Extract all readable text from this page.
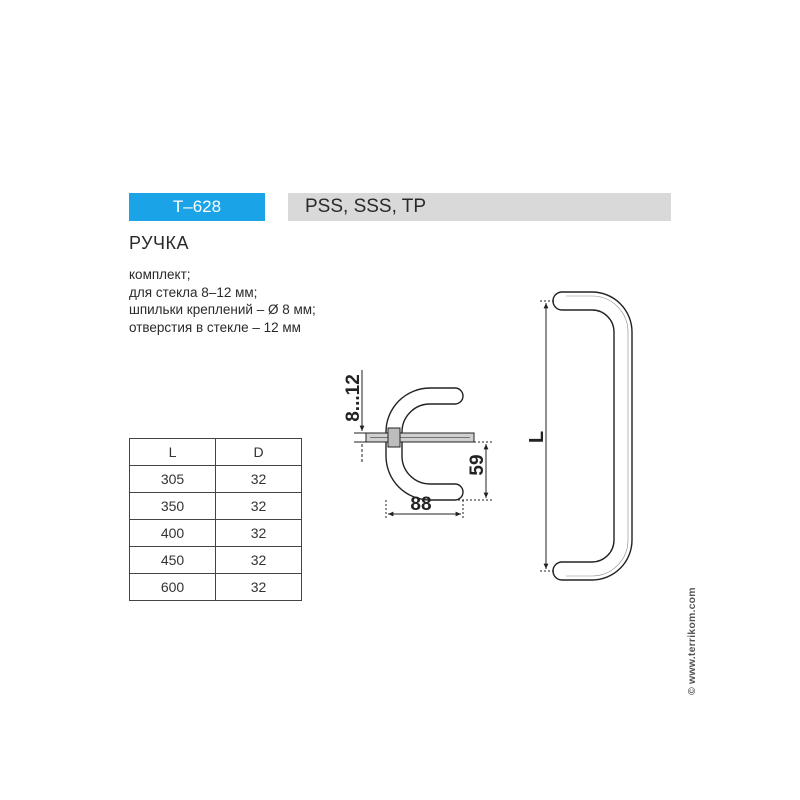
T–628	PSS, SSS, TP
РУЧКА
комплект;
для стекла 8–12 мм;
шпильки креплений – Ø 8 мм;
отверстия в стекле – 12 мм
L	D
305	32
350	32
400	32
450	32
600	32
8...12
59
88
L
© www.terrikom.com
